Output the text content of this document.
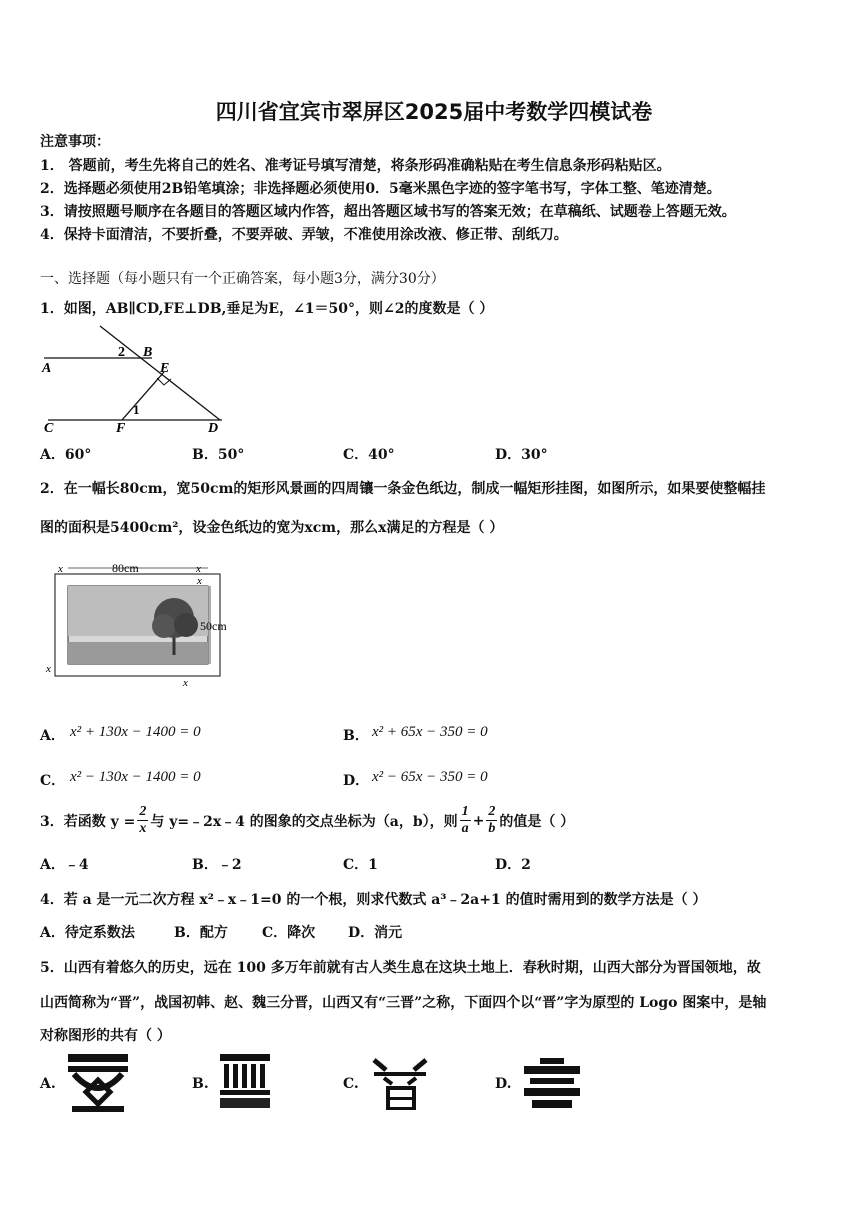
四川省宜宾市翠屏区2025届中考数学四模试卷
注意事项：
1． 答题前，考生先将自己的姓名、准考证号填写清楚，将条形码准确粘贴在考生信息条形码粘贴区。
2．选择题必须使用2B铅笔填涂；非选择题必须使用0．5毫米黑色字迹的签字笔书写，字体工整、笔迹清楚。
3．请按照题号顺序在各题目的答题区域内作答，超出答题区域书写的答案无效；在草稿纸、试题卷上答题无效。
4．保持卡面清洁，不要折叠，不要弄破、弄皱，不准使用涂改液、修正带、刮纸刀。
一、选择题（每小题只有一个正确答案，每小题3分，满分30分）
1．如图，AB∥CD,FE⊥DB,垂足为E，∠1＝50°，则∠2的度数是（ ）
A
B
E
C	F	D
2
1
A．60°	B．50°	C．40°	D．30°
2．在一幅长80cm，宽50cm的矩形风景画的四周镶一条金色纸边，制成一幅矩形挂图，如图所示，如果要使整幅挂
图的面积是5400cm²，设金色纸边的宽为xcm，那么x满足的方程是（ ）
80cm
50cm
x	x
x
x
x
A． x² + 130x − 1400 = 0	B． x² + 65x − 350 = 0
C． x² − 130x − 1400 = 0	D． x² − 65x − 350 = 0
3．若函数 $y = \frac{2}{x}$ 与 y=﹣2x﹣4 的图象的交点坐标为（a，b），则 $\frac{1}{a} + \frac{2}{b}$ 的值是（ ）
A．﹣4	B．﹣2	C．1	D．2
4．若 a 是一元二次方程 x²﹣x﹣1=0 的一个根，则求代数式 a³﹣2a+1 的值时需用到的数学方法是（ ）
A．待定系数法	B．配方 C．降次 D．消元
5．山西有着悠久的历史，远在 100 多万年前就有古人类生息在这块土地上．春秋时期，山西大部分为晋国领地，故
山西简称为“晋”，战国初韩、赵、魏三分晋，山西又有“三晋”之称，下面四个以“晋”字为原型的 Logo 图案中，是轴
对称图形的共有（ ）
A.	B.	C.	D.
